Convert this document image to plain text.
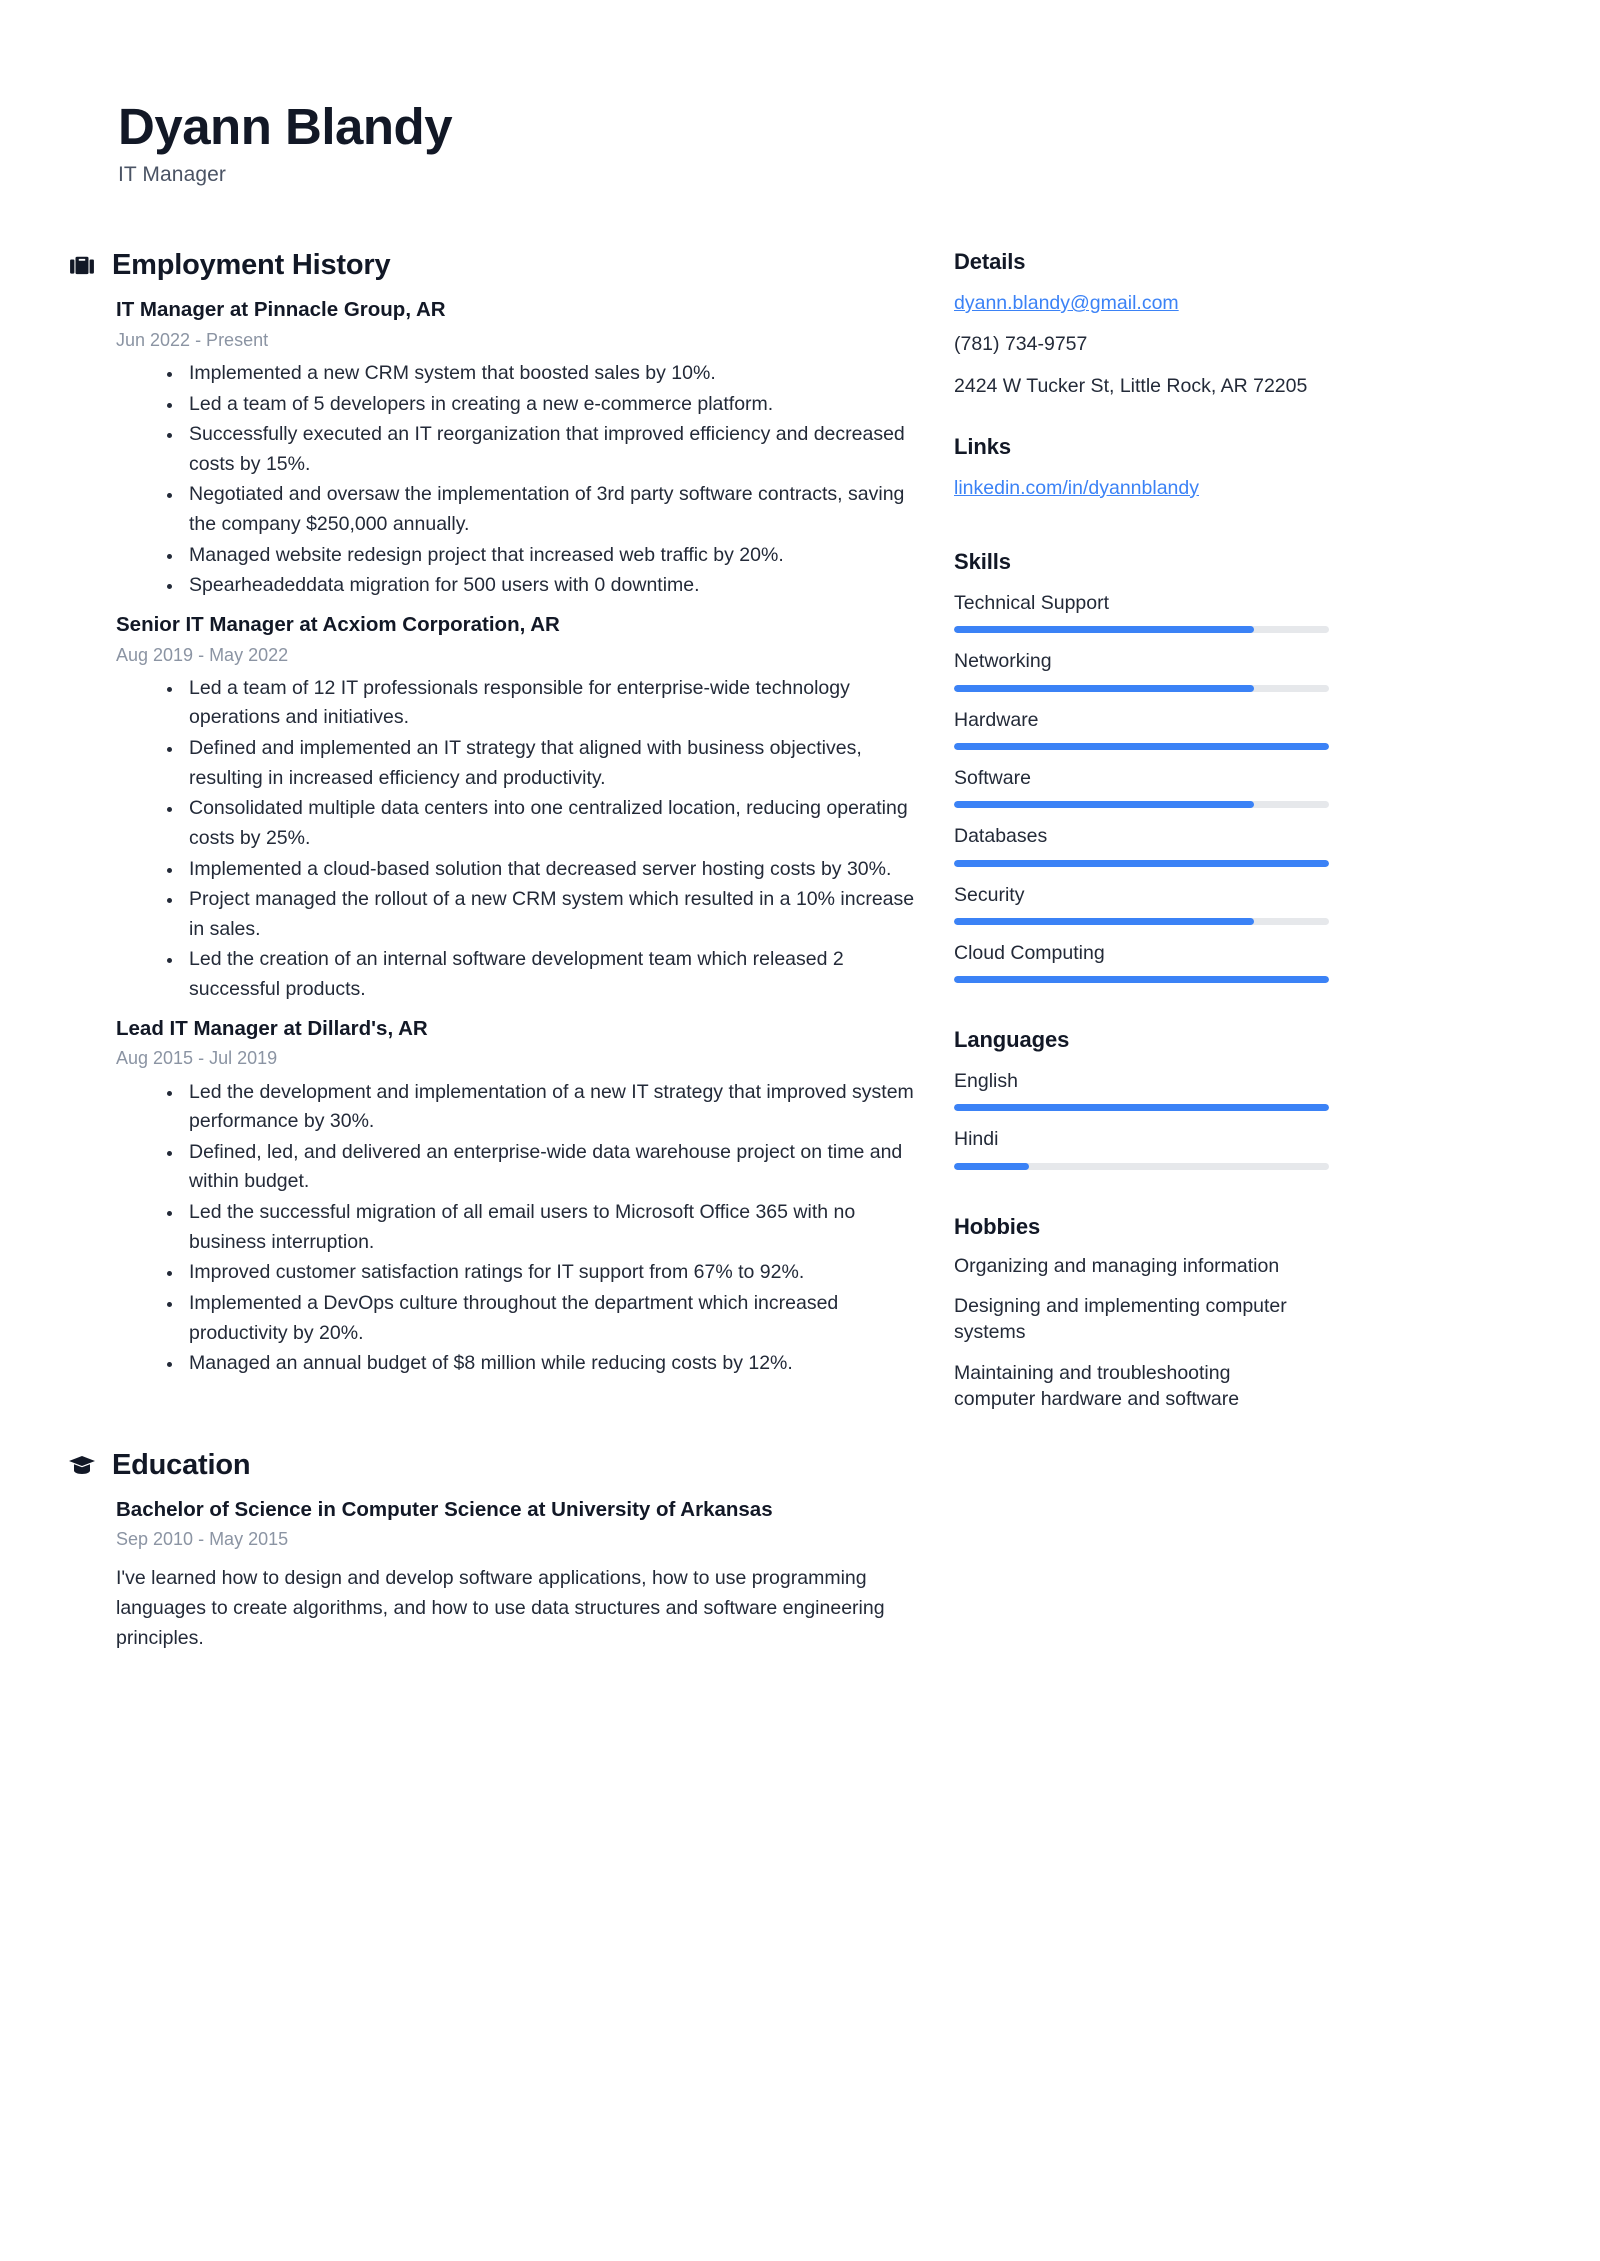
Dyann Blandy
IT Manager
Employment History
IT Manager at Pinnacle Group, AR
Jun 2022 - Present
Implemented a new CRM system that boosted sales by 10%.
Led a team of 5 developers in creating a new e-commerce platform.
Successfully executed an IT reorganization that improved efficiency and decreased costs by 15%.
Negotiated and oversaw the implementation of 3rd party software contracts, saving the company $250,000 annually.
Managed website redesign project that increased web traffic by 20%.
Spearheadeddata migration for 500 users with 0 downtime.
Senior IT Manager at Acxiom Corporation, AR
Aug 2019 - May 2022
Led a team of 12 IT professionals responsible for enterprise-wide technology operations and initiatives.
Defined and implemented an IT strategy that aligned with business objectives, resulting in increased efficiency and productivity.
Consolidated multiple data centers into one centralized location, reducing operating costs by 25%.
Implemented a cloud-based solution that decreased server hosting costs by 30%.
Project managed the rollout of a new CRM system which resulted in a 10% increase in sales.
Led the creation of an internal software development team which released 2 successful products.
Lead IT Manager at Dillard's, AR
Aug 2015 - Jul 2019
Led the development and implementation of a new IT strategy that improved system performance by 30%.
Defined, led, and delivered an enterprise-wide data warehouse project on time and within budget.
Led the successful migration of all email users to Microsoft Office 365 with no business interruption.
Improved customer satisfaction ratings for IT support from 67% to 92%.
Implemented a DevOps culture throughout the department which increased productivity by 20%.
Managed an annual budget of $8 million while reducing costs by 12%.
Education
Bachelor of Science in Computer Science at University of Arkansas
Sep 2010 - May 2015
I've learned how to design and develop software applications, how to use programming languages to create algorithms, and how to use data structures and software engineering principles.
Details
dyann.blandy@gmail.com
(781) 734-9757
2424 W Tucker St, Little Rock, AR 72205
Links
linkedin.com/in/dyannblandy
Skills
Technical Support
Networking
Hardware
Software
Databases
Security
Cloud Computing
Languages
English
Hindi
Hobbies
Organizing and managing information
Designing and implementing computer systems
Maintaining and troubleshooting computer hardware and software
